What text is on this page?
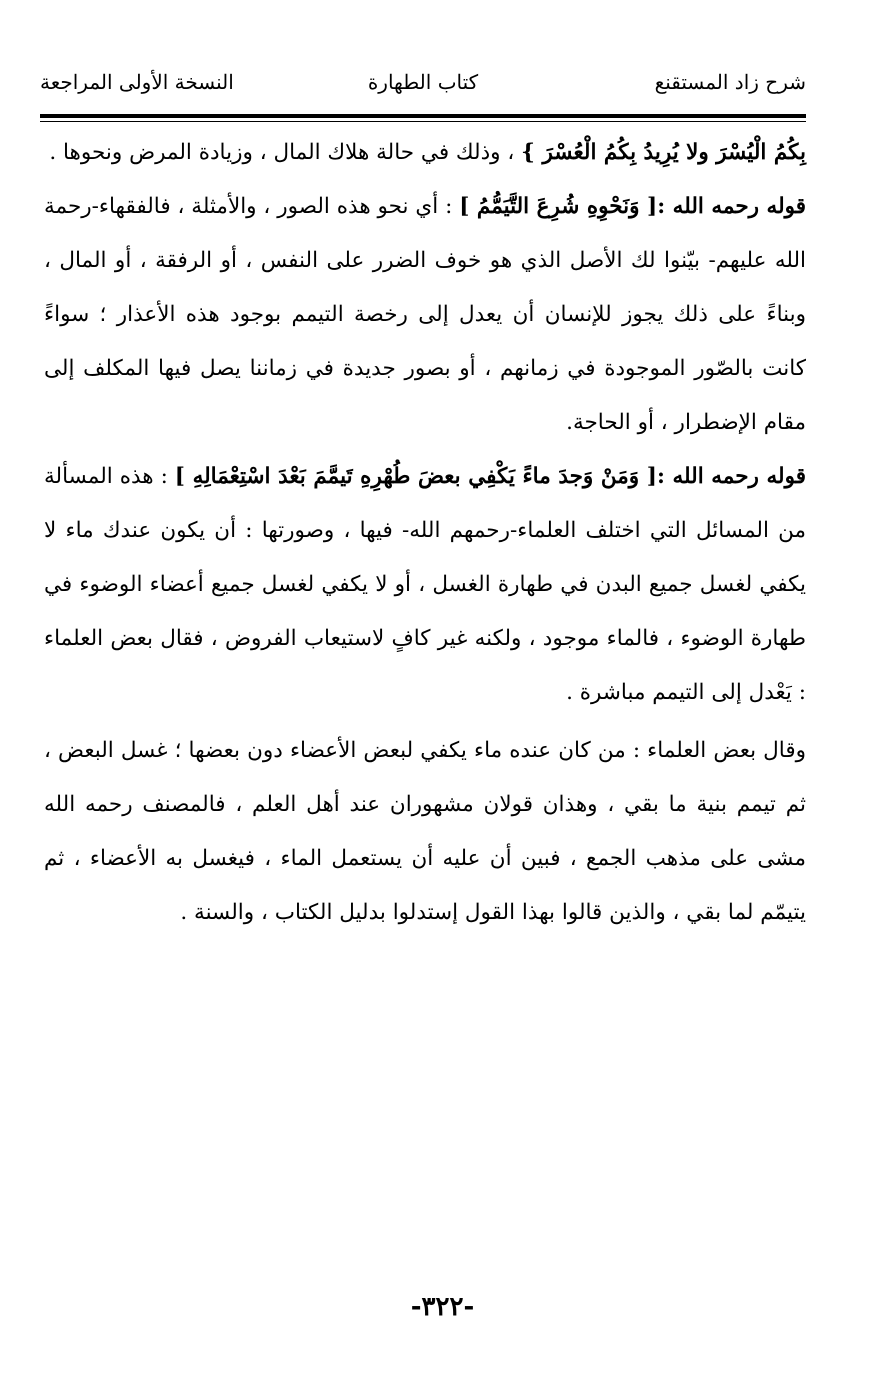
شرح زاد المستقنع
كتاب الطهارة
النسخة الأولى المراجعة

بِكُمُ الْيُسْرَ ولا يُرِيدُ بِكُمُ الْعُسْرَ } ، وذلك في حالة هلاك المال ، وزيادة المرض ونحوها .

قوله رحمه الله :[ وَنَحْوِهِ شُرِعَ التَّيَمُّمُ ] : أي نحو هذه الصور ، والأمثلة ، فالفقهاء-رحمة الله عليهم- بيّنوا لك الأصل الذي هو خوف الضرر على النفس ، أو الرفقة ، أو المال ، وبناءً على ذلك يجوز للإنسان أن يعدل إلى رخصة التيمم بوجود هذه الأعذار ؛ سواءً كانت بالصّور الموجودة في زمانهم ، أو بصور جديدة في زماننا يصل فيها المكلف إلى مقام الإضطرار ، أو الحاجة.

قوله رحمه الله :[ وَمَنْ وَجدَ ماءً يَكْفِي بعضَ طُهْرِهِ تَيمَّمَ بَعْدَ اسْتِعْمَالِهِ ] : هذه المسألة من المسائل التي اختلف العلماء-رحمهم الله- فيها ، وصورتها : أن يكون عندك ماء لا يكفي لغسل جميع البدن في طهارة الغسل ، أو لا يكفي لغسل جميع أعضاء الوضوء في طهارة الوضوء ، فالماء موجود ، ولكنه غير كافٍ لاستيعاب الفروض ، فقال بعض العلماء : يَعْدل إلى التيمم مباشرة .

وقال بعض العلماء : من كان عنده ماء يكفي لبعض الأعضاء دون بعضها ؛ غسل البعض ، ثم تيمم بنية ما بقي ، وهذان قولان مشهوران عند أهل العلم ، فالمصنف رحمه الله مشى على مذهب الجمع ، فبين أن عليه أن يستعمل الماء ، فيغسل به الأعضاء ، ثم يتيمّم لما بقي ، والذين قالوا بهذا القول إستدلوا بدليل الكتاب ، والسنة .

-٣٢٢-
